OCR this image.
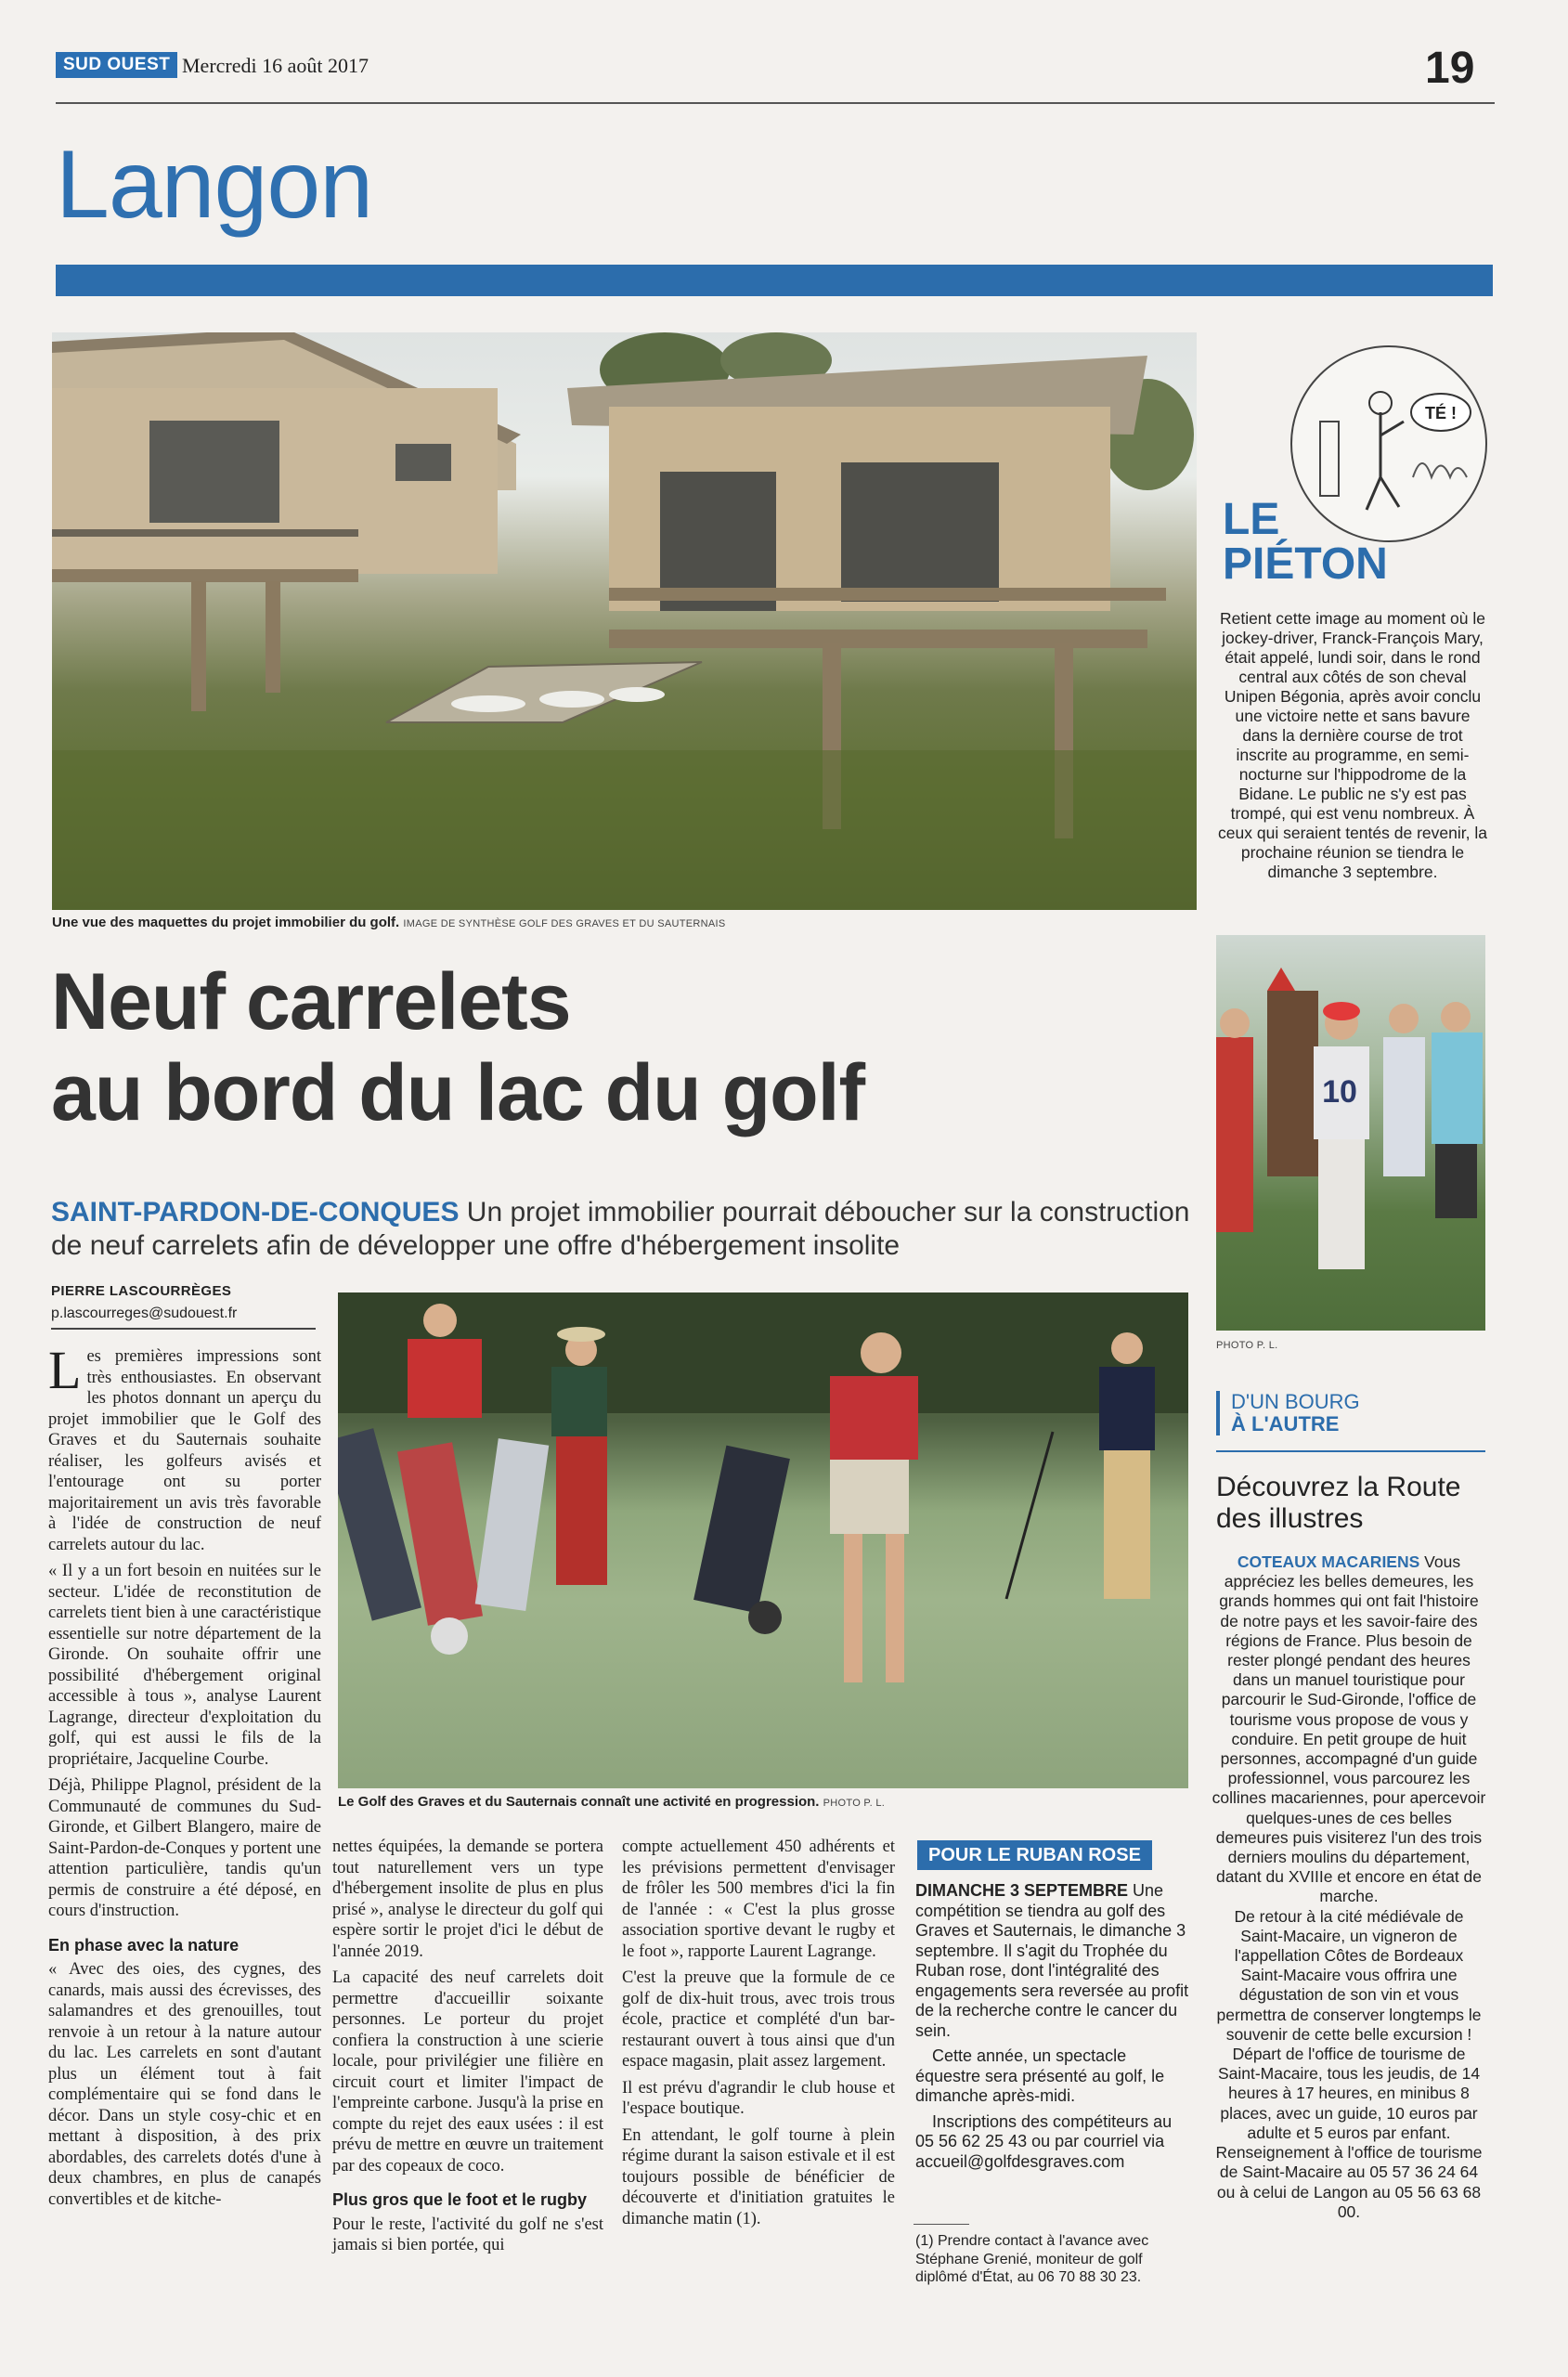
SUD OUEST Mercredi 16 août 2017	19
Langon
Une vue des maquettes du projet immobilier du golf. IMAGE DE SYNTHÈSE GOLF DES GRAVES ET DU SAUTERNAIS
Neuf carrelets
au bord du lac du golf
SAINT-PARDON-DE-CONQUES Un projet immobilier pourrait déboucher sur la construction de neuf carrelets afin de développer une offre d'hébergement insolite
PIERRE LASCOURRÈGES
p.lascourreges@sudouest.fr

Les premières impressions sont très enthousiastes. En observant les photos donnant un aperçu du projet immobilier que le Golf des Graves et du Sauternais souhaite réaliser, les golfeurs avisés et l'entourage ont su porter majoritairement un avis très favorable à l'idée de construction de neuf carrelets autour du lac.

« Il y a un fort besoin en nuitées sur le secteur. L'idée de reconstitution de carrelets tient bien à une caractéristique essentielle sur notre département de la Gironde. On souhaite offrir une possibilité d'hébergement original accessible à tous », analyse Laurent Lagrange, directeur d'exploitation du golf, qui est aussi le fils de la propriétaire, Jacqueline Courbe.

Déjà, Philippe Plagnol, président de la Communauté de communes du Sud-Gironde, et Gilbert Blangero, maire de Saint-Pardon-de-Conques y portent une attention particulière, tandis qu'un permis de construire a été déposé, en cours d'instruction.

En phase avec la nature

« Avec des oies, des cygnes, des canards, mais aussi des écrevisses, des salamandres et des grenouilles, tout renvoie à un retour à la nature autour du lac. Les carrelets en sont d'autant plus un élément tout à fait complémentaire qui se fond dans le décor. Dans un style cosy-chic et en mettant à disposition, à des prix abordables, des carrelets dotés d'une à deux chambres, en plus de canapés convertibles et de kitche-

Le Golf des Graves et du Sauternais connaît une activité en progression. PHOTO P. L.

nettes équipées, la demande se portera tout naturellement vers un type d'hébergement insolite de plus en plus prisé », analyse le directeur du golf qui espère sortir le projet d'ici le début de l'année 2019.

La capacité des neuf carrelets doit permettre d'accueillir soixante personnes. Le porteur du projet confiera la construction à une scierie locale, pour privilégier une filière en circuit court et limiter l'impact de l'empreinte carbone. Jusqu'à la prise en compte du rejet des eaux usées : il est prévu de mettre en œuvre un traitement par des copeaux de coco.

Plus gros que le foot et le rugby

Pour le reste, l'activité du golf ne s'est jamais si bien portée, qui

compte actuellement 450 adhérents et les prévisions permettent d'envisager de frôler les 500 membres d'ici la fin de l'année : « C'est la plus grosse association sportive devant le rugby et le foot », rapporte Laurent Lagrange.

C'est la preuve que la formule de ce golf de dix-huit trous, avec trois trous école, practice et complété d'un bar-restaurant ouvert à tous ainsi que d'un espace magasin, plait assez largement.

Il est prévu d'agrandir le club house et l'espace boutique.

En attendant, le golf tourne à plein régime durant la saison estivale et il est toujours possible de bénéficier de découverte et d'initiation gratuites le dimanche matin (1).

POUR LE RUBAN ROSE

DIMANCHE 3 SEPTEMBRE Une compétition se tiendra au golf des Graves et Sauternais, le dimanche 3 septembre. Il s'agit du Trophée du Ruban rose, dont l'intégralité des engagements sera reversée au profit de la recherche contre le cancer du sein.

Cette année, un spectacle équestre sera présenté au golf, le dimanche après-midi.

Inscriptions des compétiteurs au 05 56 62 25 43 ou par courriel via accueil@golfdesgraves.com

(1) Prendre contact à l'avance avec Stéphane Grenié, moniteur de golf diplômé d'État, au 06 70 88 30 23.
TÉ !
LE
PIÉTON
Retient cette image au moment où le jockey-driver, Franck-François Mary, était appelé, lundi soir, dans le rond central aux côtés de son cheval Unipen Bégonia, après avoir conclu une victoire nette et sans bavure dans la dernière course de trot inscrite au programme, en semi-nocturne sur l'hippodrome de la Bidane. Le public ne s'y est pas trompé, qui est venu nombreux. À ceux qui seraient tentés de revenir, la prochaine réunion se tiendra le dimanche 3 septembre.
10
PHOTO P. L.
D'UN BOURG
À L'AUTRE
Découvrez la Route des illustres

COTEAUX MACARIENS Vous appréciez les belles demeures, les grands hommes qui ont fait l'histoire de notre pays et les savoir-faire des régions de France. Plus besoin de rester plongé pendant des heures dans un manuel touristique pour parcourir le Sud-Gironde, l'office de tourisme vous propose de vous y conduire. En petit groupe de huit personnes, accompagné d'un guide professionnel, vous parcourez les collines macariennes, pour apercevoir quelques-unes de ces belles demeures puis visiterez l'un des trois derniers moulins du département, datant du XVIIIe et encore en état de marche.

De retour à la cité médiévale de Saint-Macaire, un vigneron de l'appellation Côtes de Bordeaux Saint-Macaire vous offrira une dégustation de son vin et vous permettra de conserver longtemps le souvenir de cette belle excursion !

Départ de l'office de tourisme de Saint-Macaire, tous les jeudis, de 14 heures à 17 heures, en minibus 8 places, avec un guide, 10 euros par adulte et 5 euros par enfant. Renseignement à l'office de tourisme de Saint-Macaire au 05 57 36 24 64 ou à celui de Langon au 05 56 63 68 00.
